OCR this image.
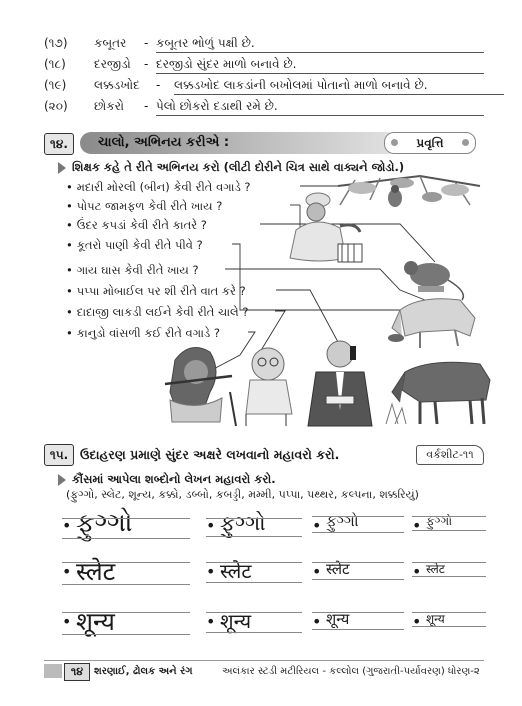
(૧૭) કબૂતર - કબૂતર ભોળું પક્ષી છે.
(૧૮) દરજીડો - દરજીડો સુંદર માળો બનાવે છે.
(૧૯) લક્કડખોદ - લક્કડખોદ લાકડાંની બખોલમાં પોતાનો માળો બનાવે છે.
(૨૦) છોકરો - પેલો છોકરો દડાથી રમે છે.
૧૪.	ચાલો, અભિનય કરીએ :	પ્રવૃત્તિ
શિક્ષક કહે તે રીતે અભિનય કરો (લીટી દોરીને ચિત્ર સાથે વાક્યને જોડો.)
• મદારી મોરલી (બીન) કેવી રીતે વગાડે ?
• પોપટ જામફળ કેવી રીતે ખાય ?
• ઉંદર કપડાં કેવી રીતે કાતરે ?
• કૂતરો પાણી કેવી રીતે પીવે ?
• ગાય ઘાસ કેવી રીતે ખાય ?
• પપ્પા મોબાઈલ પર શી રીતે વાત કરે ?
• દાદાજી લાકડી લઈને કેવી રીતે ચાલે ?
• કાનુડો વાંસળી કઈ રીતે વગાડે ?
૧૫. ઉદાહરણ પ્રમાણે સુંદર અક્ષરે લખવાનો મહાવરો કરો.	વર્કશીટ-૧૧
કૌંસમાં આપેલા શબ્દોનો લેખન મહાવરો કરો.
(ફુગ્ગો, સ્લેટ, શૂન્ય, કક્કો, ડબ્બો, કબડ્ડી, મમ્મી, પપ્પા, પથ્થર, કલ્પના, શક્કરિયું)
• ફુગ્ગો	• ફુગ્ગો	• ફુગ્ગો	• ફુગ્ગો
• स्लेट	• स्लेट	• स्लेट	• स्लेट
• शून्य	• शून्य	• शून्य	• शून्य
૧૪	શરણાઈ, ઢોલક અને રંગ	અલંકાર સ્ટડી મટીરિયલ - કલ્લોલ (ગુજરાતી-પર્યાવરણ) ધોરણ-૨
